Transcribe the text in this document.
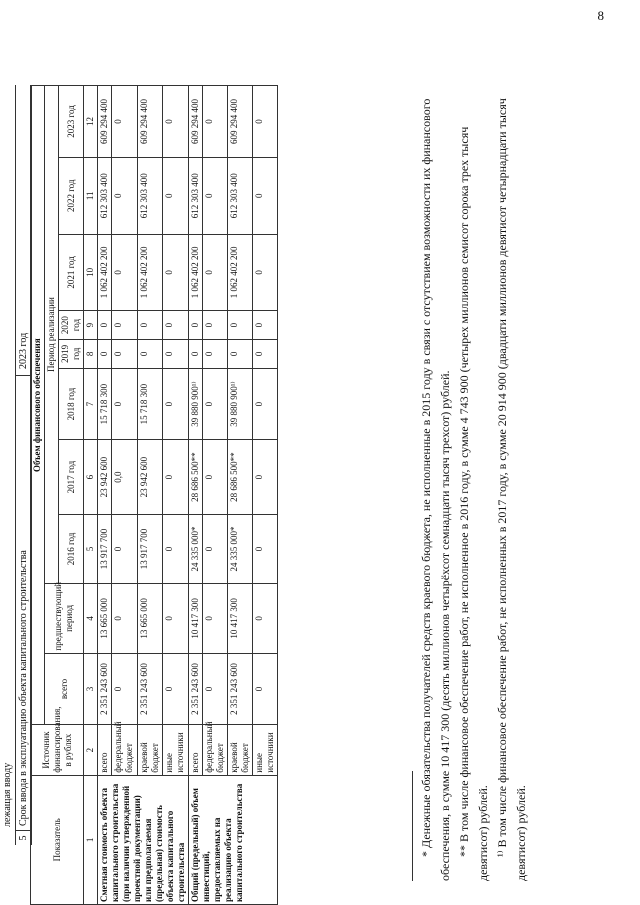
8
лежащая вводу
5
Срок ввода в эксплуатацию объекта капитального строительства
2023 год
Показатель	Источник финансирования, в рублях	Объем финансового обеспечения									
		всего	предшествующий период	Период реализации							
				2016 год	2017 год	2018 год	2019 год	2020 год	2021 год	2022 год	2023 год
1	2	3	4	5	6	7	8	9	10	11	12
Сметная стоимость объекта капитального строительства (при наличии утвержденной проектной документации) или предполагаемая (предельная) стоимость объекта капитального строительства	всего	2 351 243 600	13 665 000	13 917 700	23 942 600	15 718 300	0	0	1 062 402 200	612 303 400	609 294 400
	федеральный бюджет	0	0	0	0,0	0	0	0	0	0	0
	краевой бюджет	2 351 243 600	13 665 000	13 917 700	23 942 600	15 718 300	0	0	1 062 402 200	612 303 400	609 294 400
	иные источники	0	0	0	0	0	0	0	0	0	0
Общий (предельный) объем инвестиций, предоставляемых на реализацию объекта капитального строительства	всего	2 351 243 600	10 417 300	24 335 000*	28 686 500**	39 880 900¹⁾	0	0	1 062 402 200	612 303 400	609 294 400
	федеральный бюджет	0	0	0	0	0	0	0	0	0	0
	краевой бюджет	2 351 243 600	10 417 300	24 335 000*	28 686 500**	39 880 900¹⁾	0	0	1 062 402 200	612 303 400	609 294 400
	иные источники	0	0	0	0	0	0	0	0	0	0	* Денежные обязательства получателей средств краевого бюджета, не исполненные в 2015 году в связи с отсутствием возможности их финансового обеспечения, в сумме 10 417 300 (десять миллионов четырёхсот семнадцати тысяч трехсот) рублей. ** В том числе финансовое обеспечение работ, не исполненное в 2016 году, в сумме 4 743 900 (четырех миллионов семисот сорока трех тысяч девятисот) рублей. ¹⁾ В том числе финансовое обеспечение работ, не исполненных в 2017 году, в сумме 20 914 900 (двадцати миллионов девятисот четырнадцати тысяч девятисот) рублей.
